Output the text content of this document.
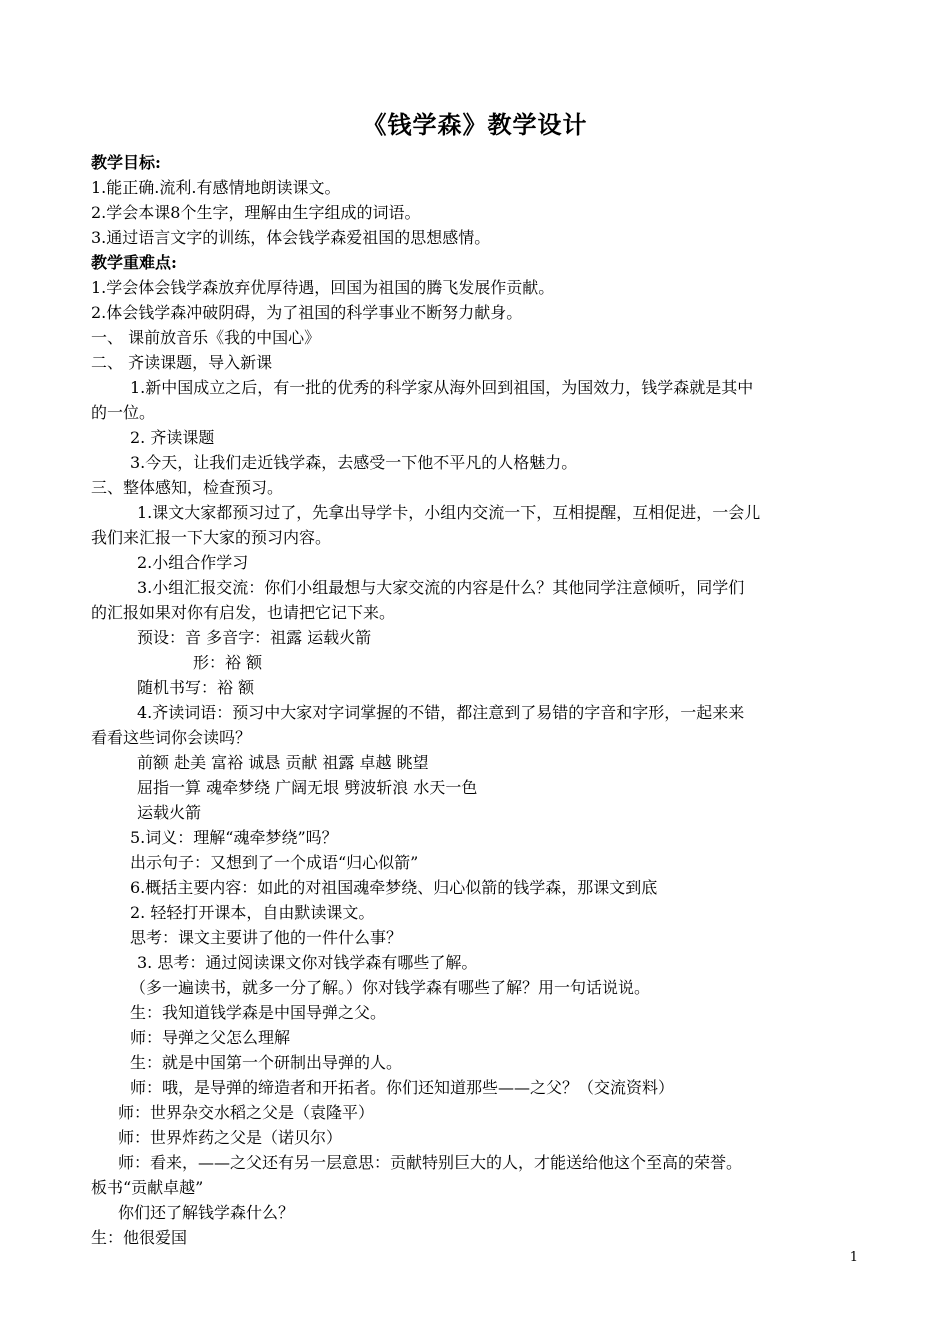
《钱学森》教学设计
教学目标:
1.能正确.流利.有感情地朗读课文。
2.学会本课8个生字，理解由生字组成的词语。
3.通过语言文字的训练，体会钱学森爱祖国的思想感情。
教学重难点:
1.学会体会钱学森放弃优厚待遇，回国为祖国的腾飞发展作贡献。
2.体会钱学森冲破阴碍，为了祖国的科学事业不断努力献身。
一、 课前放音乐《我的中国心》
二、 齐读课题，导入新课
1.新中国成立之后，有一批的优秀的科学家从海外回到祖国，为国效力，钱学森就是其中
的一位。
2. 齐读课题
3.今天，让我们走近钱学森，去感受一下他不平凡的人格魅力。
三、整体感知，检查预习。
1.课文大家都预习过了，先拿出导学卡，小组内交流一下，互相提醒，互相促进，一会儿
我们来汇报一下大家的预习内容。
2.小组合作学习
3.小组汇报交流：你们小组最想与大家交流的内容是什么？其他同学注意倾听，同学们
的汇报如果对你有启发，也请把它记下来。
预设：音 多音字：祖露 运载火箭
形：裕 额
随机书写：裕 额
4.齐读词语：预习中大家对字词掌握的不错，都注意到了易错的字音和字形，一起来来
看看这些词你会读吗？
前额 赴美 富裕 诚恳 贡献 祖露 卓越 眺望
屈指一算 魂牵梦绕 广阔无垠 劈波斩浪 水天一色
运载火箭
5.词义：理解“魂牵梦绕”吗？
出示句子：又想到了一个成语“归心似箭”
6.概括主要内容：如此的对祖国魂牵梦绕、归心似箭的钱学森，那课文到底
2. 轻轻打开课本，自由默读课文。
思考：课文主要讲了他的一件什么事？
3. 思考：通过阅读课文你对钱学森有哪些了解。
（多一遍读书，就多一分了解。）你对钱学森有哪些了解？用一句话说说。
生：我知道钱学森是中国导弹之父。
师：导弹之父怎么理解
生：就是中国第一个研制出导弹的人。
师：哦，是导弹的缔造者和开拓者。你们还知道那些——之父？（交流资料）
师：世界杂交水稻之父是（袁隆平）
师：世界炸药之父是（诺贝尔）
师：看来，——之父还有另一层意思：贡献特别巨大的人，才能送给他这个至高的荣誉。
板书“贡献卓越”
你们还了解钱学森什么？
生：他很爱国
1
